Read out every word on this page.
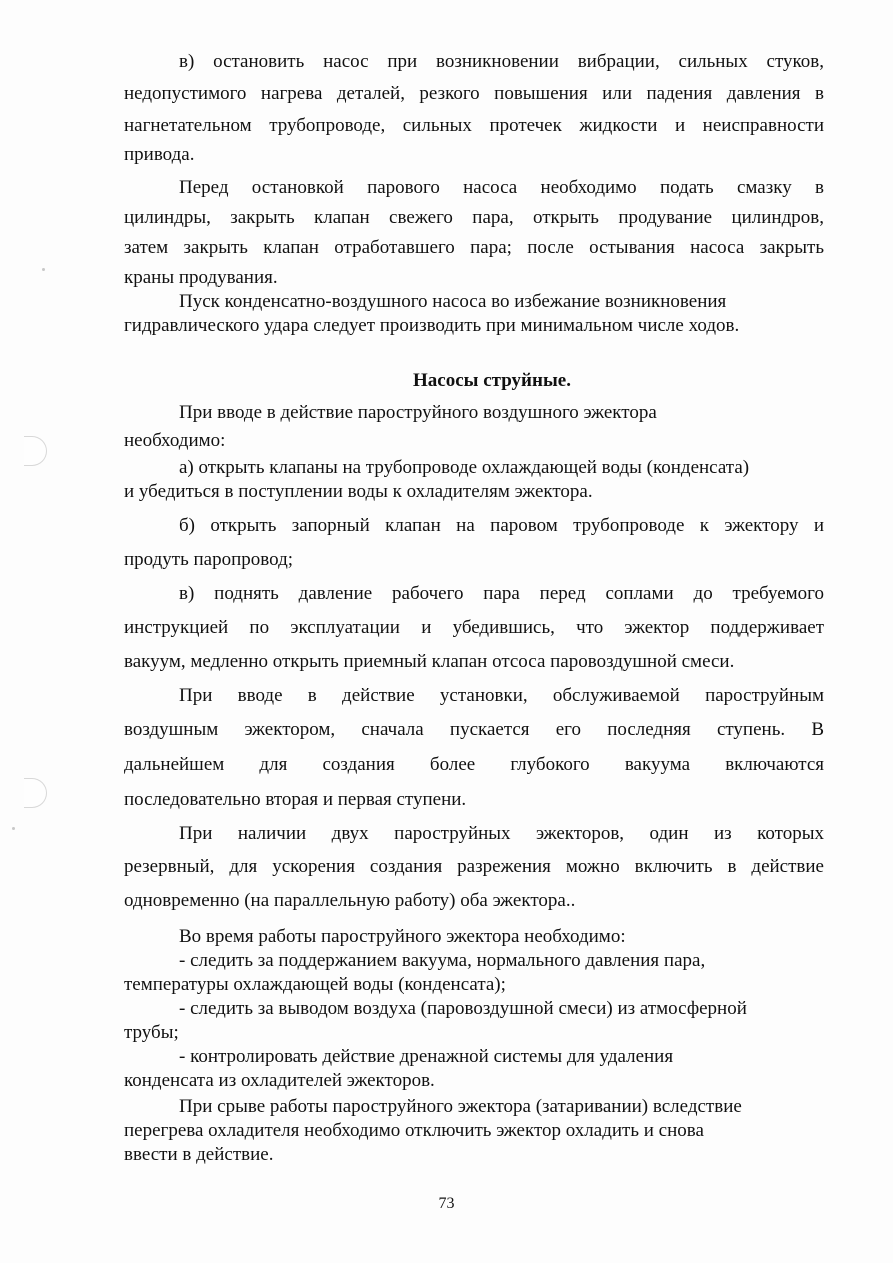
в) остановить насос при возникновении вибрации, сильных стуков,
недопустимого нагрева деталей, резкого повышения или падения давления в
нагнетательном трубопроводе, сильных протечек жидкости и неисправности
привода.
Перед остановкой парового насоса необходимо подать смазку в
цилиндры, закрыть клапан свежего пара, открыть продувание цилиндров,
затем закрыть клапан отработавшего пара; после остывания насоса закрыть
краны продувания.
Пуск конденсатно-воздушного насоса во избежание возникновения
гидравлического удара следует производить при минимальном числе ходов.
Насосы струйные.
При вводе в действие пароструйного воздушного эжектора
необходимо:
а) открыть клапаны на трубопроводе охлаждающей воды (конденсата)
и убедиться в поступлении воды к охладителям эжектора.
б) открыть запорный клапан на паровом трубопроводе к эжектору и
продуть паропровод;
в) поднять давление рабочего пара перед соплами до требуемого
инструкцией по эксплуатации и убедившись, что эжектор поддерживает
вакуум, медленно открыть приемный клапан отсоса паровоздушной смеси.
При вводе в действие установки, обслуживаемой пароструйным
воздушным эжектором, сначала пускается его последняя ступень. В
дальнейшем для создания более глубокого вакуума включаются
последовательно вторая и первая ступени.
При наличии двух пароструйных эжекторов, один из которых
резервный, для ускорения создания разрежения можно включить в действие
одновременно (на параллельную работу) оба эжектора..
Во время работы пароструйного эжектора необходимо:
- следить за поддержанием вакуума, нормального давления пара,
температуры охлаждающей воды (конденсата);
- следить за выводом воздуха (паровоздушной смеси) из атмосферной
трубы;
- контролировать действие дренажной системы для удаления
конденсата из охладителей эжекторов.
При срыве работы пароструйного эжектора (затаривании) вследствие
перегрева охладителя необходимо отключить эжектор охладить и снова
ввести в действие.
73
